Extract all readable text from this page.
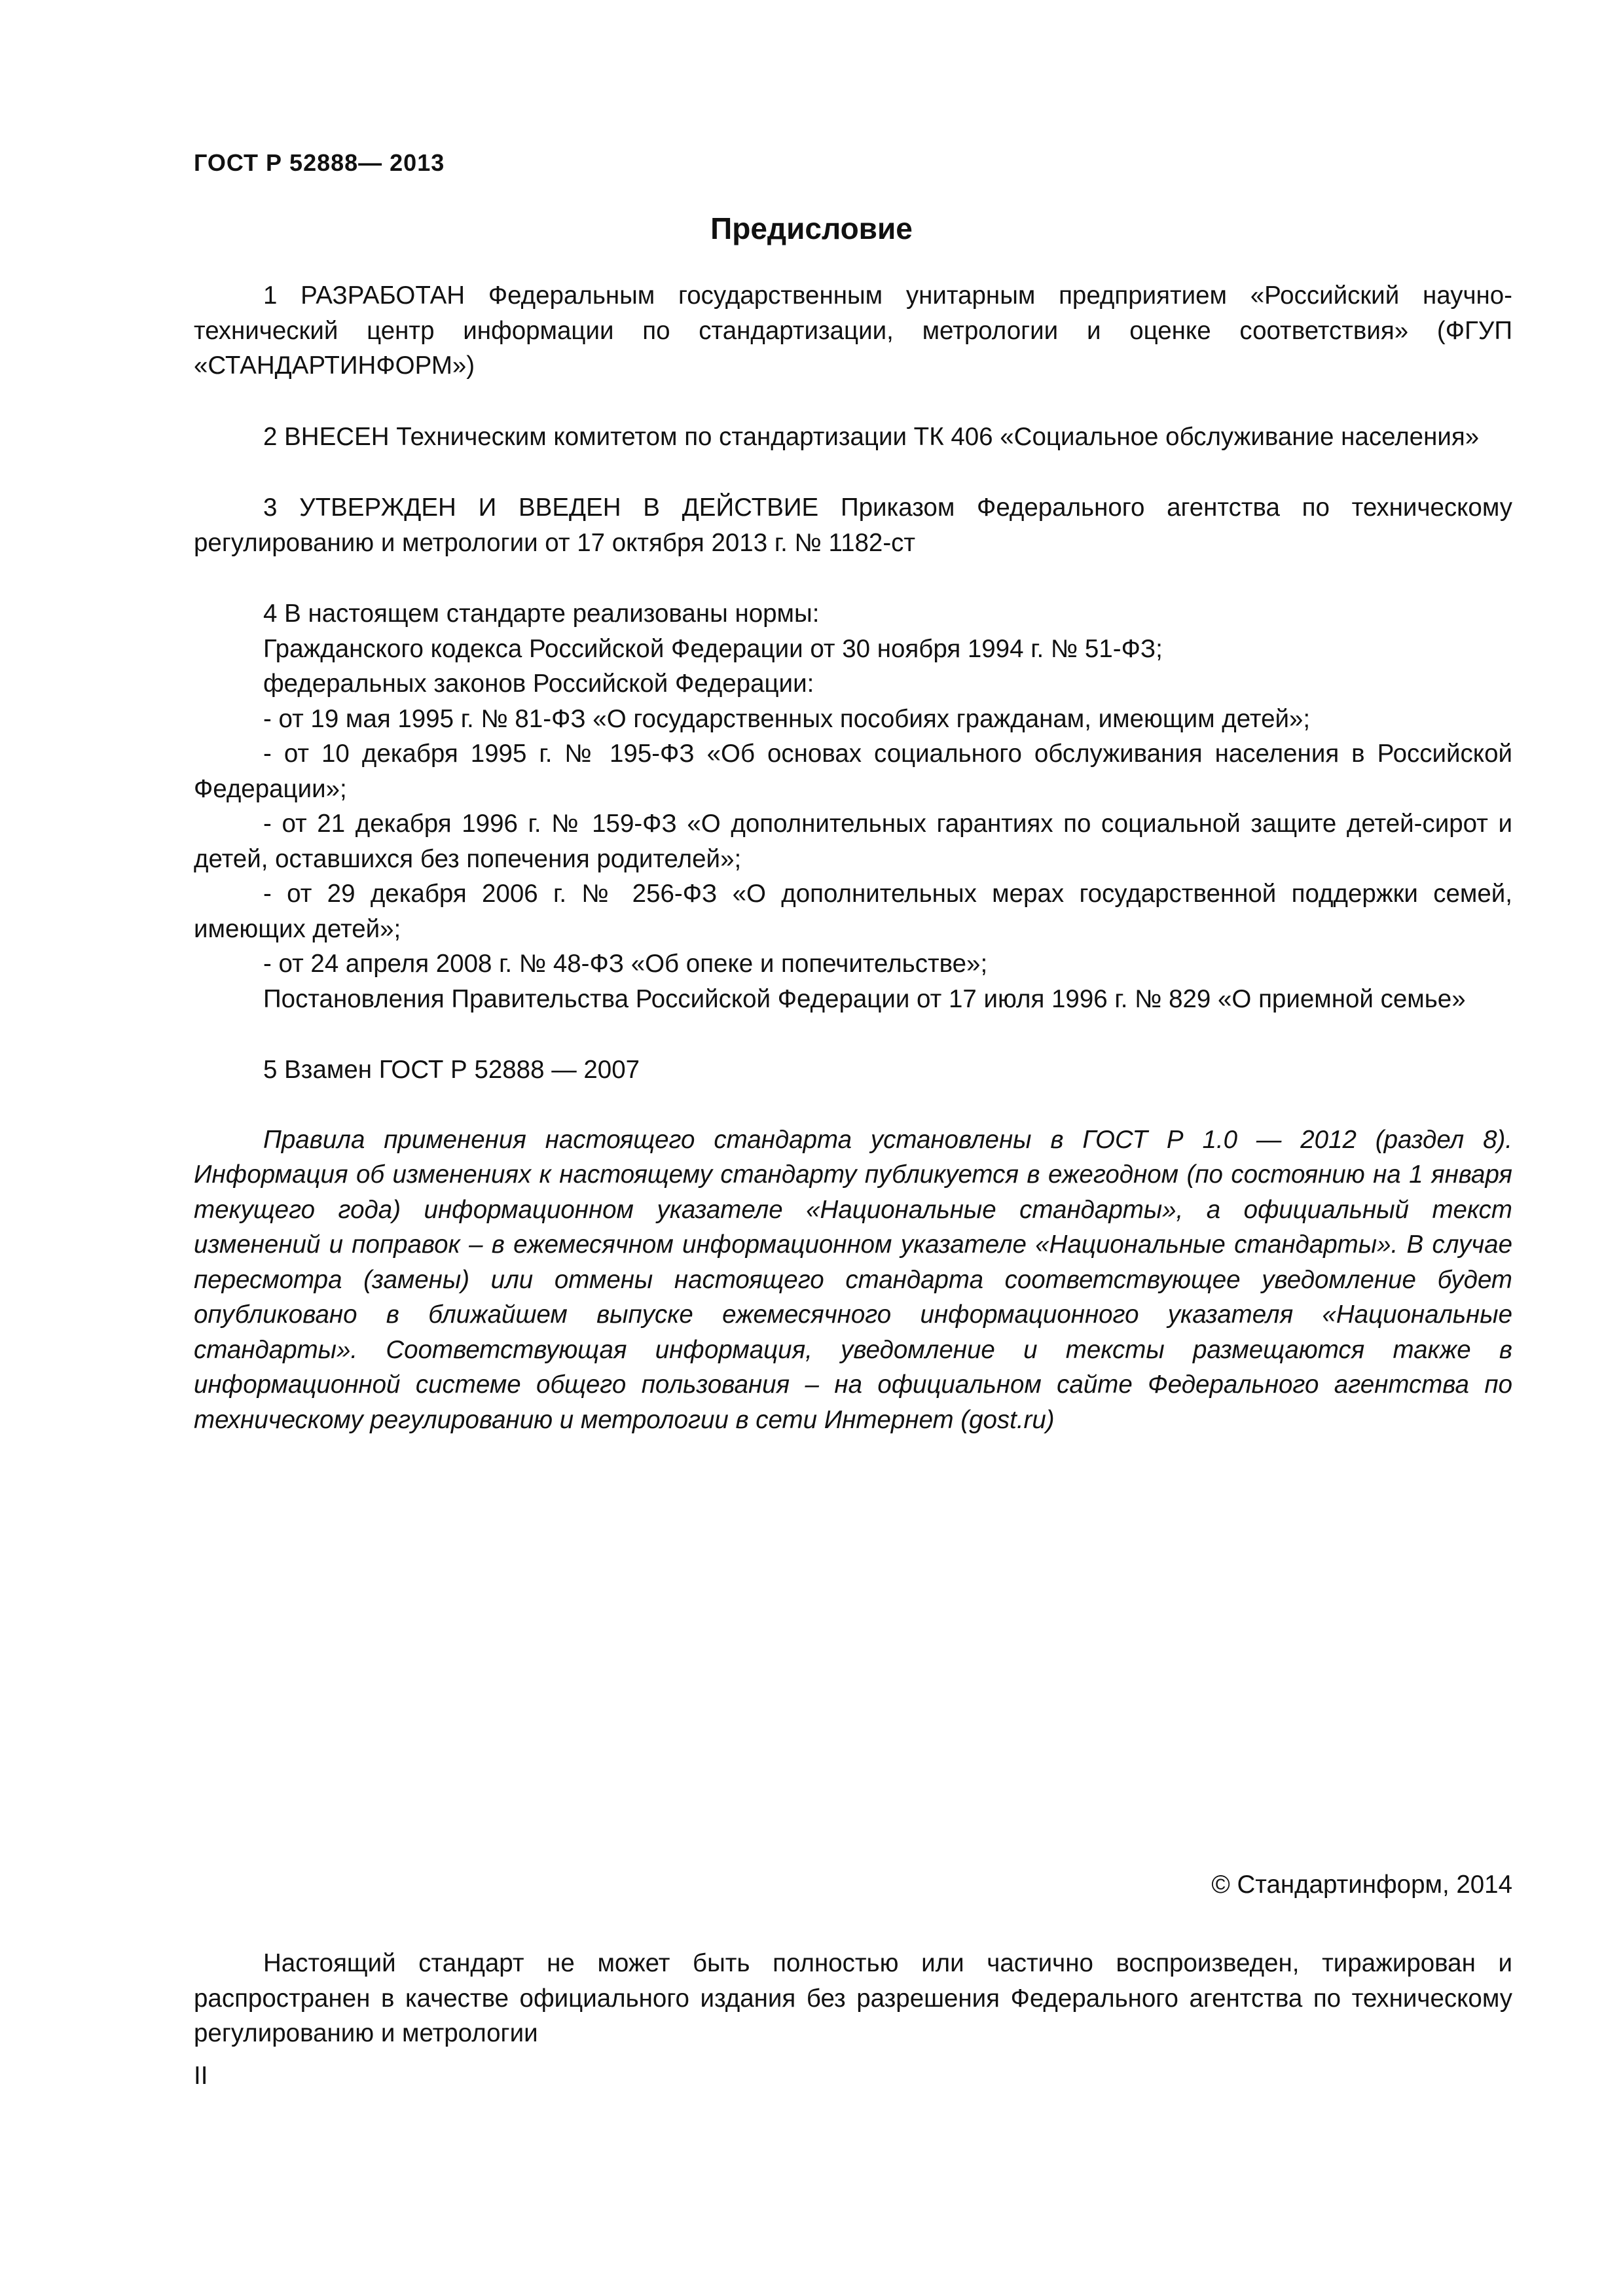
ГОСТ Р 52888— 2013
Предисловие

1 РАЗРАБОТАН Федеральным государственным унитарным предприятием «Российский научно-технический центр информации по стандартизации, метрологии и оценке соответствия» (ФГУП «СТАНДАРТИНФОРМ»)

2 ВНЕСЕН Техническим комитетом по стандартизации ТК 406 «Социальное обслуживание населения»

3 УТВЕРЖДЕН И ВВЕДЕН В ДЕЙСТВИЕ Приказом Федерального агентства по техническому регулированию и метрологии от 17 октября 2013 г. № 1182-ст

4 В настоящем стандарте реализованы нормы:

Гражданского кодекса Российской Федерации от 30 ноября 1994 г. № 51-ФЗ;

федеральных законов Российской Федерации:

- от 19 мая 1995 г. № 81-ФЗ «О государственных пособиях гражданам, имеющим детей»;

- от 10 декабря 1995 г. № 195-ФЗ «Об основах социального обслуживания населения в Российской Федерации»;

- от 21 декабря 1996 г. № 159-ФЗ «О дополнительных гарантиях по социальной защите детей-сирот и детей, оставшихся без попечения родителей»;

- от 29 декабря 2006 г. № 256-ФЗ «О дополнительных мерах государственной поддержки семей, имеющих детей»;

- от 24 апреля 2008 г. № 48-ФЗ «Об опеке и попечительстве»;

Постановления Правительства Российской Федерации от 17 июля 1996 г. № 829 «О приемной семье»

5 Взамен ГОСТ Р 52888 — 2007

Правила применения настоящего стандарта установлены в ГОСТ Р 1.0 — 2012 (раздел 8). Информация об изменениях к настоящему стандарту публикуется в ежегодном (по состоянию на 1 января текущего года) информационном указателе «Национальные стандарты», а официальный текст изменений и поправок – в ежемесячном информационном указателе «Национальные стандарты». В случае пересмотра (замены) или отмены настоящего стандарта соответствующее уведомление будет опубликовано в ближайшем выпуске ежемесячного информационного указателя «Национальные стандарты». Соответствующая информация, уведомление и тексты размещаются также в информационной системе общего пользования – на официальном сайте Федерального агентства по техническому регулированию и метрологии в сети Интернет (gost.ru)

© Стандартинформ, 2014

Настоящий стандарт не может быть полностью или частично воспроизведен, тиражирован и распространен в качестве официального издания без разрешения Федерального агентства по техническому регулированию и метрологии

II
